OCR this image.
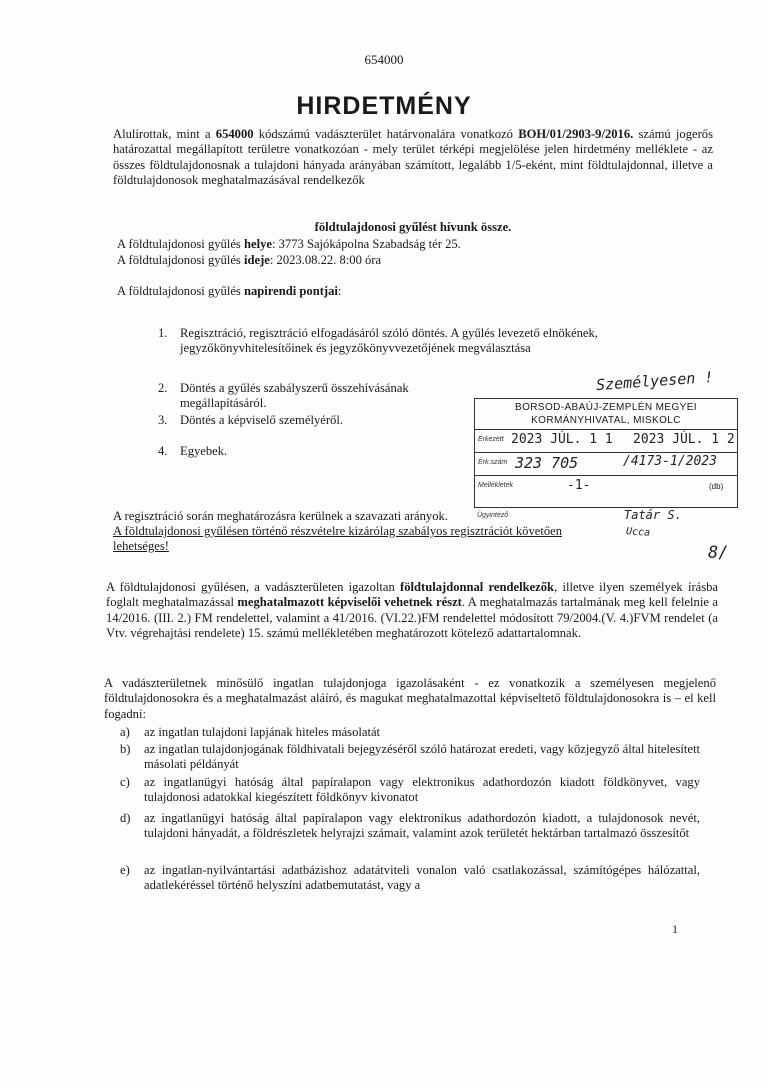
654000
HIRDETMÉNY
Alulírottak, mint a 654000 kódszámú vadászterület határvonalára vonatkozó BOH/01/2903-9/2016. számú jogerős határozattal megállapított területre vonatkozóan - mely terület térképi megjelölése jelen hirdetmény melléklete - az összes földtulajdonosnak a tulajdoni hányada arányában számított, legalább 1/5-eként, mint földtulajdonnal, illetve a földtulajdonosok meghatalmazásával rendelkezők
földtulajdonosi gyűlést hívunk össze.
A földtulajdonosi gyűlés helye: 3773 Sajókápolna Szabadság tér 25.
A földtulajdonosi gyűlés ideje: 2023.08.22. 8:00 óra
A földtulajdonosi gyűlés napirendi pontjai:
1. Regisztráció, regisztráció elfogadásáról szóló döntés. A gyűlés levezető elnökének,
jegyzőkönyvhitelesítőinek és jegyzőkönyvvezetőjének megválasztása
2. Döntés a gyűlés szabályszerű összehívásának megállapításáról.
3. Döntés a képviselő személyéről.
4. Egyebek.
Személyesen !
BORSOD-ABAÚJ-ZEMPLÉN MEGYEI
KORMÁNYHIVATAL, MISKOLC
Érkezett 2023 JÚL. 1 1 2023 JÚL. 1 2
Érk.szám 323 705	/4173-1/2023
Mellékletek	-1-	(db)
Ügyintéző	Tatár S.
Ucca
8/
A regisztráció során meghatározásra kerülnek a szavazati arányok.
A földtulajdonosi gyűlésen történő részvételre kizárólag szabályos regisztrációt követően
lehetséges!
A földtulajdonosi gyűlésen, a vadászterületen igazoltan földtulajdonnal rendelkezők, illetve ilyen személyek írásba foglalt meghatalmazással meghatalmazott képviselői vehetnek részt. A meghatalmazás tartalmának meg kell felelnie a 14/2016. (III. 2.) FM rendelettel, valamint a 41/2016. (VI.22.)FM rendelettel módosított 79/2004.(V. 4.)FVM rendelet (a Vtv. végrehajtási rendelete) 15. számú mellékletében meghatározott kötelező adattartalomnak.
A vadászterületnek minősülő ingatlan tulajdonjoga igazolásaként - ez vonatkozik a személyesen megjelenő földtulajdonosokra és a meghatalmazást aláíró, és magukat meghatalmazottal képviseltető földtulajdonosokra is – el kell fogadni:
a) az ingatlan tulajdoni lapjának hiteles másolatát
b) az ingatlan tulajdonjogának földhivatali bejegyzéséről szóló határozat eredeti, vagy közjegyző által hitelesített másolati példányát
c) az ingatlanügyi hatóság által papíralapon vagy elektronikus adathordozón kiadott földkönyvet, vagy tulajdonosi adatokkal kiegészített földkönyv kivonatot
d) az ingatlanügyi hatóság által papíralapon vagy elektronikus adathordozón kiadott, a tulajdonosok nevét, tulajdoni hányadát, a földrészletek helyrajzi számait, valamint azok területét hektárban tartalmazó összesítőt
e) az ingatlan-nyilvántartási adatbázishoz adatátviteli vonalon való csatlakozással, számítógépes hálózattal, adatlekéréssel történő helyszíni adatbemutatást, vagy a
1
